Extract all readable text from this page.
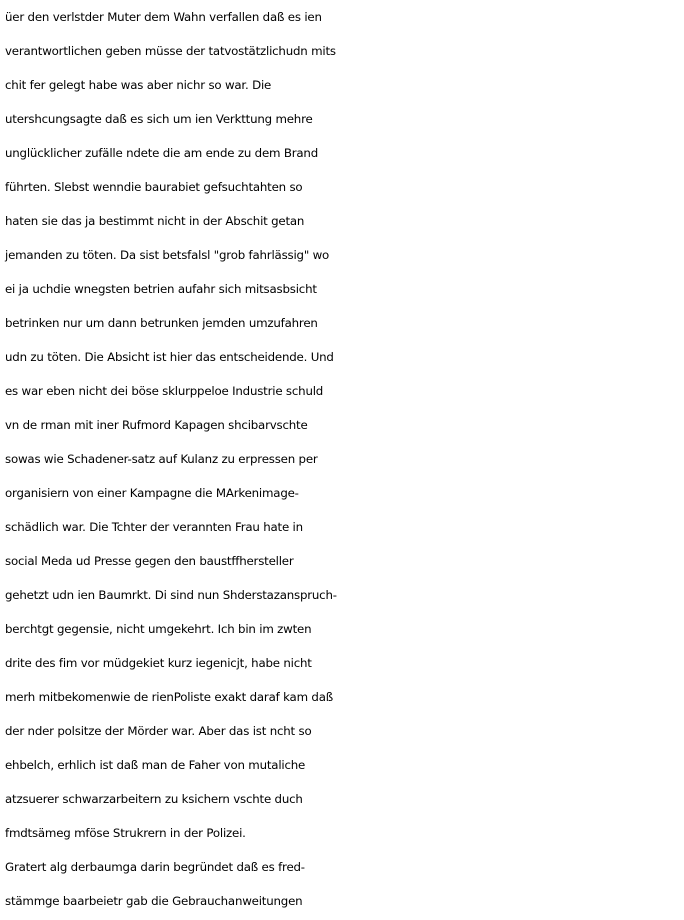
üer den verlstder Muter dem Wahn verfallen daß es ien
verantwortlichen geben müsse der tatvostätzlichudn mits
chit fer gelegt habe was aber nichr so war. Die
utershcungsagte daß es sich um ien Verkttung mehre
unglücklicher zufälle ndete die am ende zu dem Brand
führten. Slebst wenndie baurabiet gefsuchtahten so
haten sie das ja bestimmt nicht in der Abschit getan
jemanden zu töten. Da sist betsfalsl "grob fahrlässig" wo
ei ja uchdie wnegsten betrien aufahr sich mitsasbsicht
betrinken nur um dann betrunken jemden umzufahren
udn zu töten. Die Absicht ist hier das entscheidende. Und
es war eben nicht dei böse sklurppeloe Industrie schuld
vn de rman mit iner Rufmord Kapagen shcibarvschte
sowas wie Schadener-satz auf Kulanz zu erpressen per
organisiern von einer Kampagne die MArkenimage-
schädlich war. Die Tchter der verannten Frau hate in
social Meda ud Presse gegen den baustffhersteller
gehetzt udn ien Baumrkt. Di sind nun Shderstazanspruch-
berchtgt gegensie, nicht umgekehrt. Ich bin im zwten
drite des fim vor müdgekiet kurz iegenicjt, habe nicht
merh mitbekomenwie de rienPoliste exakt daraf kam daß
der nder polsitze der Mörder war. Aber das ist ncht so
ehbelch, erhlich ist daß man de Faher von mutaliche
atzsuerer schwarzarbeitern zu ksichern vschte duch
fmdtsämeg mföse Strukrern in der Polizei.
Gratert alg derbaumga darin begründet daß es fred-
stämmge baarbeietr gab die Gebrauchanweitungen
